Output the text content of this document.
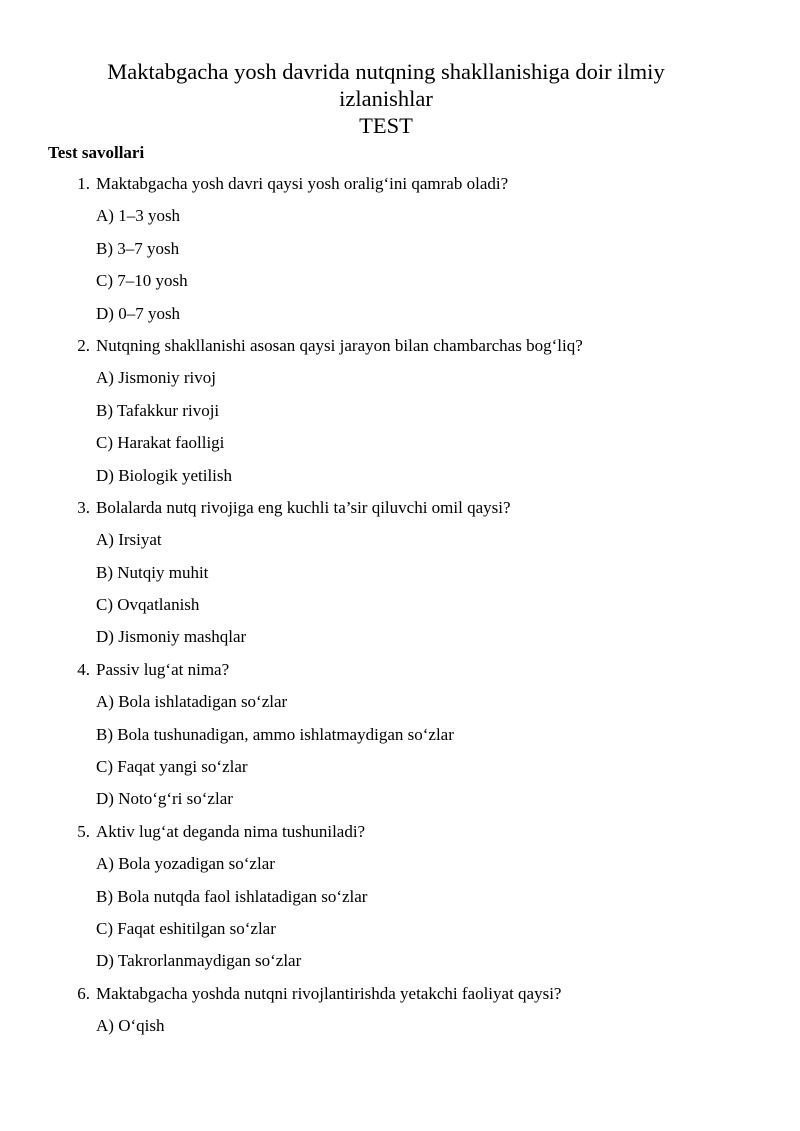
Maktabgacha yosh davrida nutqning shakllanishiga doir ilmiy
izlanishlar
TEST
Test savollari
1. Maktabgacha yosh davri qaysi yosh oralig‘ini qamrab oladi?
A) 1–3 yosh
B) 3–7 yosh
C) 7–10 yosh
D) 0–7 yosh
2. Nutqning shakllanishi asosan qaysi jarayon bilan chambarchas bog‘liq?
A) Jismoniy rivoj
B) Tafakkur rivoji
C) Harakat faolligi
D) Biologik yetilish
3. Bolalarda nutq rivojiga eng kuchli ta’sir qiluvchi omil qaysi?
A) Irsiyat
B) Nutqiy muhit
C) Ovqatlanish
D) Jismoniy mashqlar
4. Passiv lug‘at nima?
A) Bola ishlatadigan so‘zlar
B) Bola tushunadigan, ammo ishlatmaydigan so‘zlar
C) Faqat yangi so‘zlar
D) Noto‘g‘ri so‘zlar
5. Aktiv lug‘at deganda nima tushuniladi?
A) Bola yozadigan so‘zlar
B) Bola nutqda faol ishlatadigan so‘zlar
C) Faqat eshitilgan so‘zlar
D) Takrorlanmaydigan so‘zlar
6. Maktabgacha yoshda nutqni rivojlantirishda yetakchi faoliyat qaysi?
A) O‘qish
